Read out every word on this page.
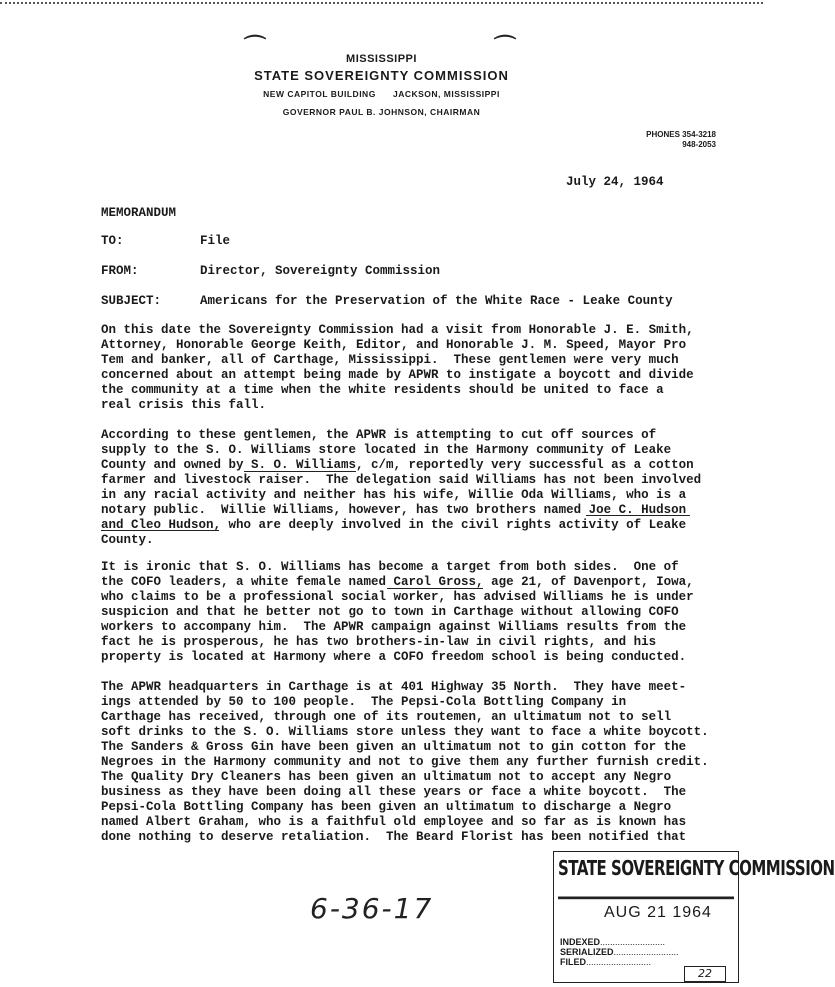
⌒	⌒
MISSISSIPPI
STATE SOVEREIGNTY COMMISSION
NEW CAPITOL BUILDING      JACKSON, MISSISSIPPI
GOVERNOR PAUL B. JOHNSON, CHAIRMAN
PHONES 354-3218
948-2053
July 24, 1964
MEMORANDUM
TO:	File
FROM:	Director, Sovereignty Commission
SUBJECT:	Americans for the Preservation of the White Race - Leake County
On this date the Sovereignty Commission had a visit from Honorable J. E. Smith,
Attorney, Honorable George Keith, Editor, and Honorable J. M. Speed, Mayor Pro
Tem and banker, all of Carthage, Mississippi.  These gentlemen were very much
concerned about an attempt being made by APWR to instigate a boycott and divide
the community at a time when the white residents should be united to face a
real crisis this fall.
According to these gentlemen, the APWR is attempting to cut off sources of
supply to the S. O. Williams store located in the Harmony community of Leake
County and owned by S. O. Williams, c/m, reportedly very successful as a cotton
farmer and livestock raiser.  The delegation said Williams has not been involved
in any racial activity and neither has his wife, Willie Oda Williams, who is a
notary public.  Willie Williams, however, has two brothers named Joe C. Hudson
and Cleo Hudson, who are deeply involved in the civil rights activity of Leake
County.
It is ironic that S. O. Williams has become a target from both sides.  One of
the COFO leaders, a white female named Carol Gross, age 21, of Davenport, Iowa,
who claims to be a professional social worker, has advised Williams he is under
suspicion and that he better not go to town in Carthage without allowing COFO
workers to accompany him.  The APWR campaign against Williams results from the
fact he is prosperous, he has two brothers-in-law in civil rights, and his
property is located at Harmony where a COFO freedom school is being conducted.
The APWR headquarters in Carthage is at 401 Highway 35 North.  They have meet-
ings attended by 50 to 100 people.  The Pepsi-Cola Bottling Company in
Carthage has received, through one of its routemen, an ultimatum not to sell
soft drinks to the S. O. Williams store unless they want to face a white boycott.
The Sanders & Gross Gin have been given an ultimatum not to gin cotton for the
Negroes in the Harmony community and not to give them any further furnish credit.
The Quality Dry Cleaners has been given an ultimatum not to accept any Negro
business as they have been doing all these years or face a white boycott.  The
Pepsi-Cola Bottling Company has been given an ultimatum to discharge a Negro
named Albert Graham, who is a faithful old employee and so far as is known has
done nothing to deserve retaliation.  The Beard Florist has been notified that
6-36-17
STATE SOVEREIGNTY COMMISSION
AUG 21 1964
INDEXED .....
SERIALIZED .....
FILED .....
22
